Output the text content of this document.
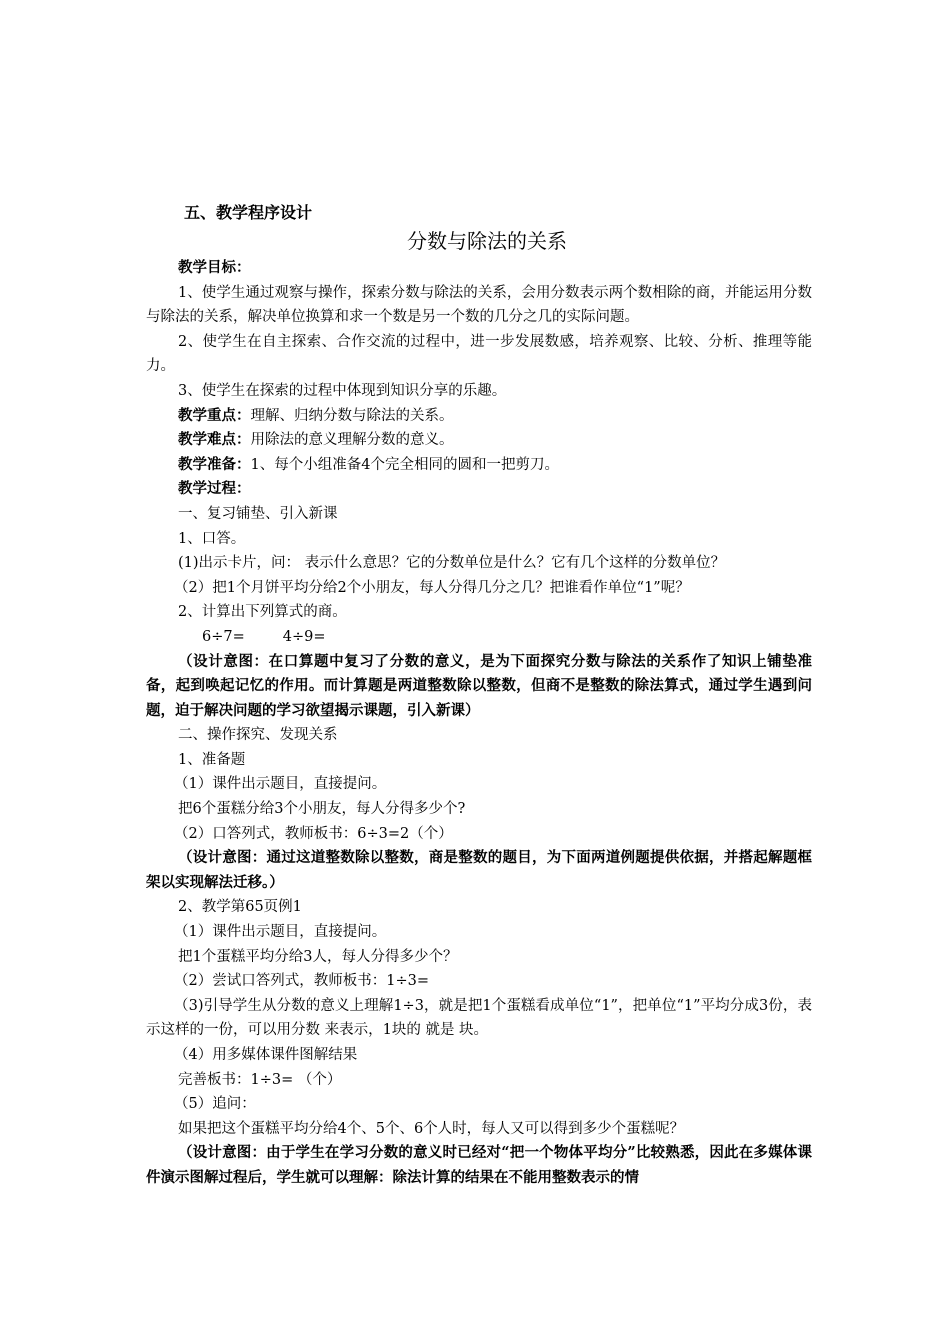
五、教学程序设计
分数与除法的关系

教学目标：

1、使学生通过观察与操作，探索分数与除法的关系，会用分数表示两个数相除的商，并能运用分数与除法的关系，解决单位换算和求一个数是另一个数的几分之几的实际问题。

2、使学生在自主探索、合作交流的过程中，进一步发展数感，培养观察、比较、分析、推理等能力。

3、使学生在探索的过程中体现到知识分享的乐趣。

教学重点：理解、归纳分数与除法的关系。

教学难点：用除法的意义理解分数的意义。

教学准备：1、每个小组准备4个完全相同的圆和一把剪刀。

教学过程：

一、复习铺垫、引入新课

1、口答。

(1)出示卡片，问： 表示什么意思？它的分数单位是什么？它有几个这样的分数单位？

（2）把1个月饼平均分给2个小朋友，每人分得几分之几？把谁看作单位“1”呢？

2、计算出下列算式的商。

6÷7=	4÷9=

（设计意图：在口算题中复习了分数的意义，是为下面探究分数与除法的关系作了知识上铺垫准备，起到唤起记忆的作用。而计算题是两道整数除以整数，但商不是整数的除法算式，通过学生遇到问题，迫于解决问题的学习欲望揭示课题，引入新课）

二、操作探究、发现关系

1、准备题

（1）课件出示题目，直接提问。

把6个蛋糕分给3个小朋友，每人分得多少个?

（2）口答列式，教师板书：6÷3=2（个）

（设计意图：通过这道整数除以整数，商是整数的题目，为下面两道例题提供依据，并搭起解题框架以实现解法迁移。）

2、教学第65页例1

（1）课件出示题目，直接提问。

把1个蛋糕平均分给3人，每人分得多少个？

（2）尝试口答列式，教师板书：1÷3=

（3)引导学生从分数的意义上理解1÷3，就是把1个蛋糕看成单位“1”，把单位“1”平均分成3份，表示这样的一份，可以用分数 来表示，1块的 就是 块。

（4）用多媒体课件图解结果

完善板书：1÷3= （个）

（5）追问：

如果把这个蛋糕平均分给4个、5个、6个人时，每人又可以得到多少个蛋糕呢？

（设计意图：由于学生在学习分数的意义时已经对“把一个物体平均分”比较熟悉，因此在多媒体课件演示图解过程后，学生就可以理解：除法计算的结果在不能用整数表示的情
